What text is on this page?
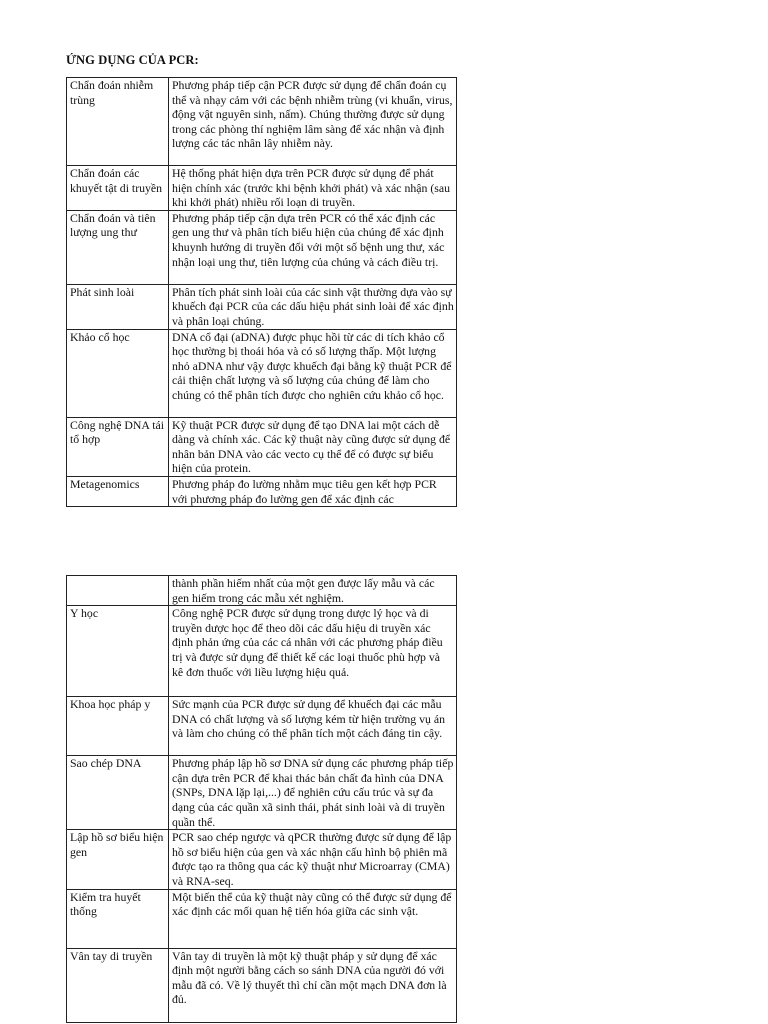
ỨNG DỤNG CỦA PCR:
Chẩn đoán nhiễm trùng	Phương pháp tiếp cận PCR được sử dụng để chẩn đoán cụ thể và nhạy cảm với các bệnh nhiễm trùng (vi khuẩn, virus, động vật nguyên sinh, nấm). Chúng thường được sử dụng trong các phòng thí nghiệm lâm sàng để xác nhận và định lượng các tác nhân lây nhiễm này.
Chẩn đoán các khuyết tật di truyền	Hệ thống phát hiện dựa trên PCR được sử dụng để phát hiện chính xác (trước khi bệnh khởi phát) và xác nhận (sau khi khởi phát) nhiều rối loạn di truyền.
Chẩn đoán và tiên lượng ung thư	Phương pháp tiếp cận dựa trên PCR có thể xác định các gen ung thư và phân tích biểu hiện của chúng để xác định khuynh hướng di truyền đối với một số bệnh ung thư, xác nhận loại ung thư, tiên lượng của chúng và cách điều trị.
Phát sinh loài	Phân tích phát sinh loài của các sinh vật thường dựa vào sự khuếch đại PCR của các dấu hiệu phát sinh loài để xác định và phân loại chúng.
Khảo cổ học	DNA cổ đại (aDNA) được phục hồi từ các di tích khảo cổ học thường bị thoái hóa và có số lượng thấp. Một lượng nhỏ aDNA như vậy được khuếch đại bằng kỹ thuật PCR để cải thiện chất lượng và số lượng của chúng để làm cho chúng có thể phân tích được cho nghiên cứu khảo cổ học.
Công nghệ DNA tái tổ hợp	Kỹ thuật PCR được sử dụng để tạo DNA lai một cách dễ dàng và chính xác. Các kỹ thuật này cũng được sử dụng để nhân bản DNA vào các vecto cụ thể để có được sự biểu hiện của protein.
Metagenomics	Phương pháp đo lường nhằm mục tiêu gen kết hợp PCR với phương pháp đo lường gen để xác định các
	thành phần hiếm nhất của một gen được lấy mẫu và các gen hiếm trong các mẫu xét nghiệm.
Y học	Công nghệ PCR được sử dụng trong dược lý học và di truyền dược học để theo dõi các dấu hiệu di truyền xác định phản ứng của các cá nhân với các phương pháp điều trị và được sử dụng để thiết kế các loại thuốc phù hợp và kê đơn thuốc với liều lượng hiệu quả.
Khoa học pháp y	Sức mạnh của PCR được sử dụng để khuếch đại các mẫu DNA có chất lượng và số lượng kém từ hiện trường vụ án và làm cho chúng có thể phân tích một cách đáng tin cậy.
Sao chép DNA	Phương pháp lập hồ sơ DNA sử dụng các phương pháp tiếp cận dựa trên PCR để khai thác bản chất đa hình của DNA (SNPs, DNA lặp lại,...) để nghiên cứu cấu trúc và sự đa dạng của các quần xã sinh thái, phát sinh loài và di truyền quần thể.
Lập hồ sơ biểu hiện gen	PCR sao chép ngược và qPCR thường được sử dụng để lập hồ sơ biểu hiện của gen và xác nhận cấu hình bộ phiên mã được tạo ra thông qua các kỹ thuật như Microarray (CMA) và RNA-seq.
Kiểm tra huyết thống	Một biến thể của kỹ thuật này cũng có thể được sử dụng để xác định các mối quan hệ tiến hóa giữa các sinh vật.
Vân tay di truyền	Vân tay di truyền là một kỹ thuật pháp y sử dụng để xác định một người bằng cách so sánh DNA của người đó với mẫu đã có. Về lý thuyết thì chỉ cần một mạch DNA đơn là đủ.
